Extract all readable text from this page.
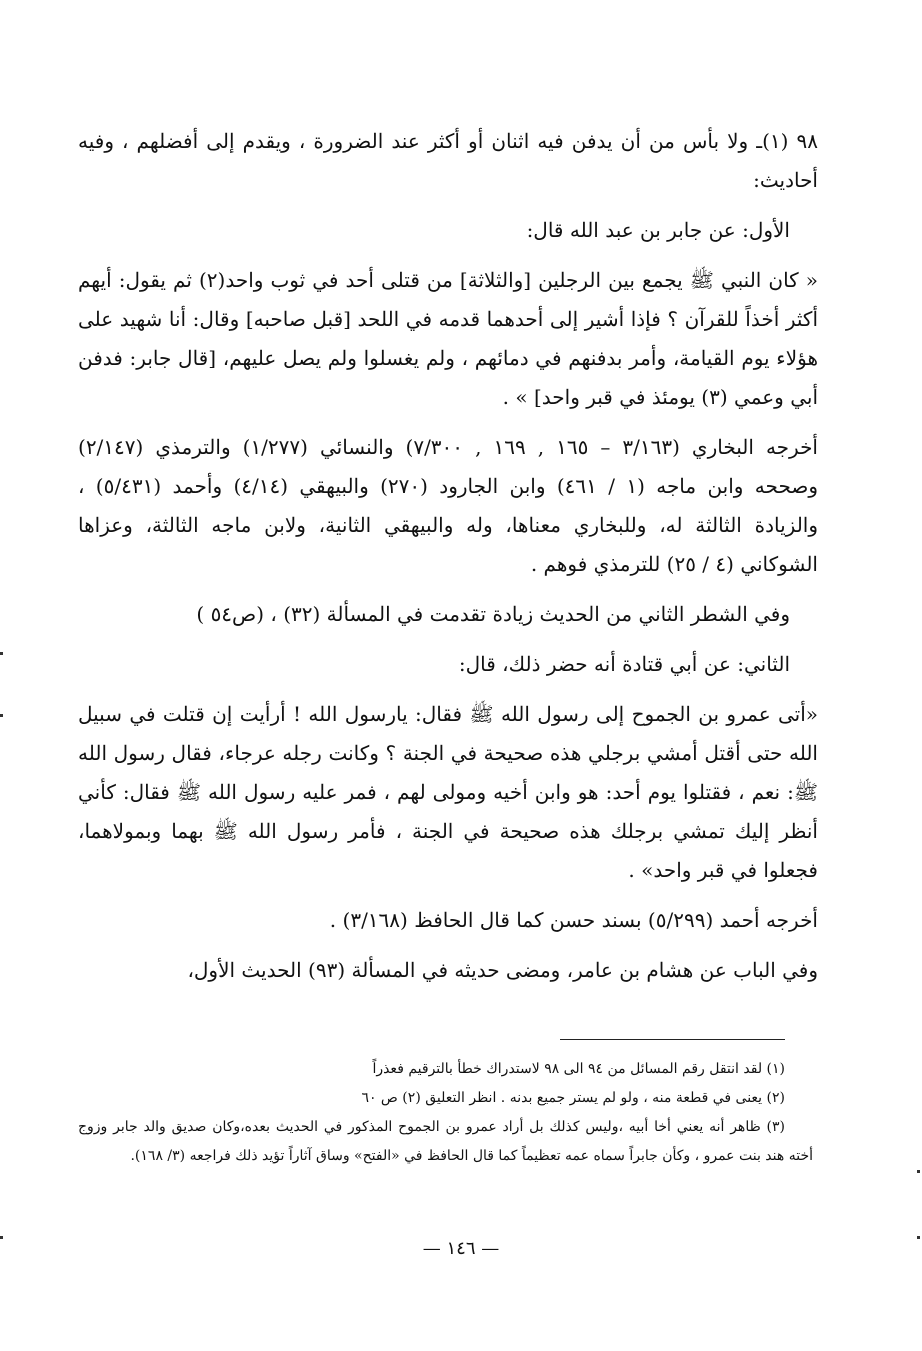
٩٨ (١)ـ ولا بأس من أن يدفن فيه اثنان أو أكثر عند الضرورة ، ويقدم إلى أفضلهم ، وفيه أحاديث:

الأول: عن جابر بن عبد الله قال:

« كان النبي ﷺ يجمع بين الرجلين [والثلاثة] من قتلى أحد في ثوب واحد(٢) ثم يقول: أيهم أكثر أخذاً للقرآن ؟ فإذا أشير إلى أحدهما قدمه في اللحد [قبل صاحبه] وقال: أنا شهيد على هؤلاء يوم القيامة، وأمر بدفنهم في دمائهم ، ولم يغسلوا ولم يصل عليهم، [قال جابر: فدفن أبي وعمي (٣) يومئذ في قبر واحد] » .

أخرجه البخاري (٣/١٦٣ – ١٦٥ , ١٦٩ , ٧/٣٠٠) والنسائي (١/٢٧٧) والترمذي (٢/١٤٧) وصححه وابن ماجه (١ / ٤٦١) وابن الجارود (٢٧٠) والبيهقي (٤/١٤) وأحمد (٥/٤٣١) ، والزيادة الثالثة له، وللبخاري معناها، وله والبيهقي الثانية، ولابن ماجه الثالثة، وعزاها الشوكاني (٤ / ٢٥) للترمذي فوهم .

وفي الشطر الثاني من الحديث زيادة تقدمت في المسألة (٣٢) ، (ص٥٤ )

الثاني: عن أبي قتادة أنه حضر ذلك، قال:

«أتى عمرو بن الجموح إلى رسول الله ﷺ فقال: يارسول الله ! أرأيت إن قتلت في سبيل الله حتى أقتل أمشي برجلي هذه صحيحة في الجنة ؟ وكانت رجله عرجاء، فقال رسول الله ﷺ: نعم ، فقتلوا يوم أحد: هو وابن أخيه ومولى لهم ، فمر عليه رسول الله ﷺ فقال: كأني أنظر إليك تمشي برجلك هذه صحيحة في الجنة ، فأمر رسول الله ﷺ بهما وبمولاهما، فجعلوا في قبر واحد» .

أخرجه أحمد (٥/٢٩٩) بسند حسن كما قال الحافظ (٣/١٦٨) .

وفي الباب عن هشام بن عامر، ومضى حديثه في المسألة (٩٣) الحديث الأول،

(١) لقد انتقل رقم المسائل من ٩٤ الى ٩٨ لاستدراك خطأ بالترقيم فعذراً

(٢) يعنى في قطعة منه ، ولو لم يستر جميع بدنه . انظر التعليق (٢) ص ٦٠

(٣) ظاهر أنه يعني أخا أبيه ،وليس كذلك بل أراد عمرو بن الجموح المذكور في الحديث بعده،وكان صديق والد جابر وزوج أخته هند بنت عمرو ، وكأن جابراً سماه عمه تعظيماً كما قال الحافظ في «الفتح» وساق آثاراً تؤيد ذلك فراجعه (٣/ ١٦٨).

— ١٤٦ —
